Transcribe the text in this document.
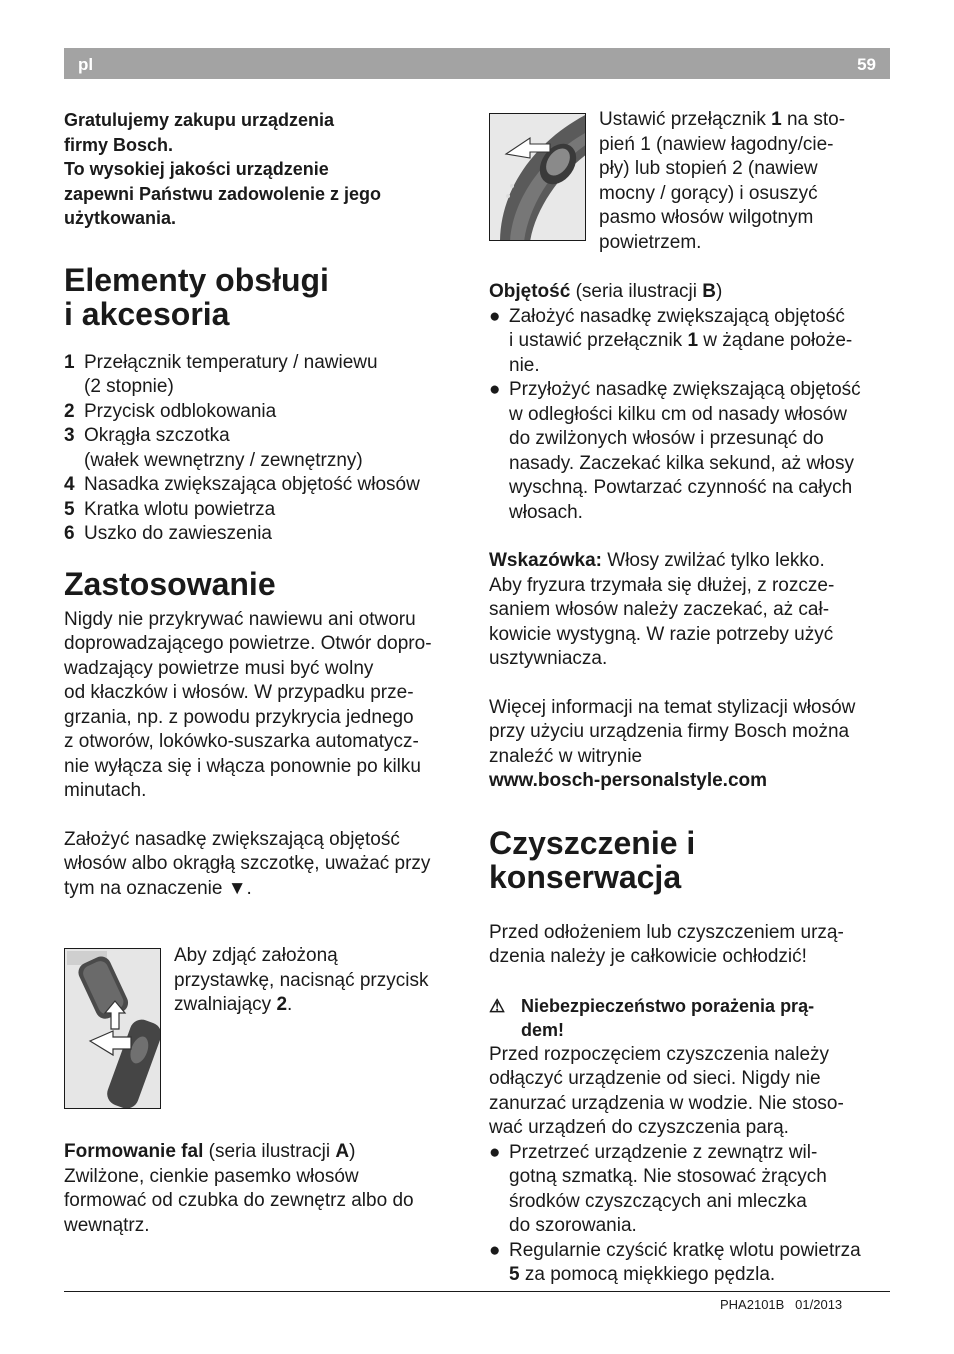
pl	59
Gratulujemy zakupu urządzenia
firmy Bosch.
To wysokiej jakości urządzenie
zapewni Państwu zadowolenie z jego
użytkowania.
Elementy obsługi
i akcesoria
1 Przełącznik temperatury / nawiewu
(2 stopnie)
2 Przycisk odblokowania
3 Okrągła szczotka
(wałek wewnętrzny / zewnętrzny)
4 Nasadka zwiększająca objętość włosów
5 Kratka wlotu powietrza
6 Uszko do zawieszenia
Zastosowanie
Nigdy nie przykrywać nawiewu ani otworu
doprowadzającego powietrze. Otwór dopro-
wadzający powietrze musi być wolny
od kłaczków i włosów. W przypadku prze-
grzania, np. z powodu przykrycia jednego
z otworów, lokówko-suszarka automatycz-
nie wyłącza się i włącza ponownie po kilku
minutach.
Założyć nasadkę zwiększającą objętość
włosów albo okrągłą szczotkę, uważać przy
tym na oznaczenie ▼.
Aby zdjąć założoną
przystawkę, nacisnąć przycisk
zwalniający 2.
Formowanie fal (seria ilustracji A)
Zwilżone, cienkie pasemko włosów
formować od czubka do zewnętrz albo do
wewnątrz.
Ustawić przełącznik 1 na sto-
pień 1 (nawiew łagodny/cie-
pły) lub stopień 2 (nawiew
mocny / gorący) i osuszyć
pasmo włosów wilgotnym
powietrzem.
Objętość (seria ilustracji B)
● Założyć nasadkę zwiększającą objętość
i ustawić przełącznik 1 w żądane położe-
nie.
● Przyłożyć nasadkę zwiększającą objętość
w odległości kilku cm od nasady włosów
do zwilżonych włosów i przesunąć do
nasady. Zaczekać kilka sekund, aż włosy
wyschną. Powtarzać czynność na całych
włosach.
Wskazówka: Włosy zwilżać tylko lekko.
Aby fryzura trzymała się dłużej, z rozcze-
saniem włosów należy zaczekać, aż cał-
kowicie wystygną. W razie potrzeby użyć
usztywniacza.
Więcej informacji na temat stylizacji włosów
przy użyciu urządzenia firmy Bosch można
znaleźć w witrynie
www.bosch-personalstyle.com
Czyszczenie i
konserwacja
Przed odłożeniem lub czyszczeniem urzą-
dzenia należy je całkowicie ochłodzić!
⚠ Niebezpieczeństwo porażenia prą-
dem!
Przed rozpoczęciem czyszczenia należy
odłączyć urządzenie od sieci. Nigdy nie
zanurzać urządzenia w wodzie. Nie stoso-
wać urządzeń do czyszczenia parą.
● Przetrzeć urządzenie z zewnątrz wil-
gotną szmatką. Nie stosować żrących
środków czyszczących ani mleczka
do szorowania.
● Regularnie czyścić kratkę wlotu powietrza
5 za pomocą miękkiego pędzla.
PHA2101B   01/2013
